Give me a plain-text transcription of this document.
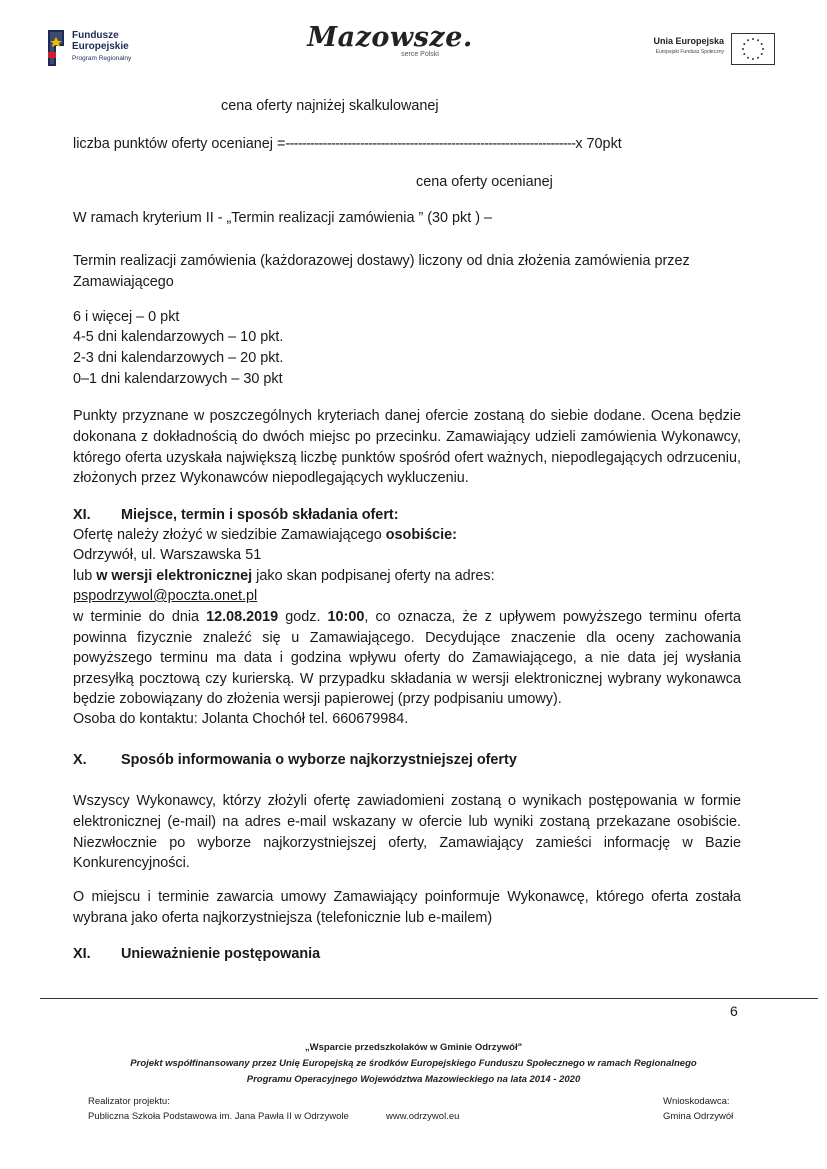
Fundusze
Europejskie
Program Regionalny
Mazowsze.
serce Polski
Unia Europejska
Europejski Fundusz Społeczny
cena oferty najniżej skalkulowanej
liczba punktów oferty ocenianej =----------------------------------------------------------------------x 70pkt
cena oferty ocenianej
W ramach kryterium II - „Termin realizacji zamówienia ” (30 pkt ) –
Termin realizacji zamówienia (każdorazowej dostawy) liczony od dnia złożenia zamówienia przez Zamawiającego
6 i więcej – 0 pkt
4-5 dni kalendarzowych – 10 pkt.
2-3 dni kalendarzowych – 20 pkt.
0–1 dni kalendarzowych – 30 pkt
Punkty przyznane w poszczególnych kryteriach danej ofercie zostaną do siebie dodane. Ocena będzie dokonana z dokładnością do dwóch miejsc po przecinku. Zamawiający udzieli zamówienia Wykonawcy, którego oferta uzyskała największą liczbę punktów spośród ofert ważnych, niepodlegających odrzuceniu, złożonych przez Wykonawców niepodlegających wykluczeniu.
XI. Miejsce, termin i sposób składania ofert:
Ofertę należy złożyć w siedzibie Zamawiającego osobiście:
Odrzywół, ul. Warszawska 51
lub w wersji elektronicznej jako skan podpisanej oferty na adres:
pspodrzywol@poczta.onet.pl
w terminie do dnia 12.08.2019 godz. 10:00, co oznacza, że z upływem powyższego terminu oferta powinna fizycznie znaleźć się u Zamawiającego. Decydujące znaczenie dla oceny zachowania powyższego terminu ma data i godzina wpływu oferty do Zamawiającego, a nie data jej wysłania przesyłką pocztową czy kurierską. W przypadku składania w wersji elektronicznej wybrany wykonawca będzie zobowiązany do złożenia wersji papierowej (przy podpisaniu umowy).
Osoba do kontaktu: Jolanta Chochół tel. 660679984.
X. Sposób informowania o wyborze najkorzystniejszej oferty
Wszyscy Wykonawcy, którzy złożyli ofertę zawiadomieni zostaną o wynikach postępowania w formie elektronicznej (e-mail) na adres e-mail wskazany w ofercie lub wyniki zostaną przekazane osobiście. Niezwłocznie po wyborze najkorzystniejszej oferty, Zamawiający zamieści informację w Bazie Konkurencyjności.
O miejscu i terminie zawarcia umowy Zamawiający poinformuje Wykonawcę, którego oferta została wybrana jako oferta najkorzystniejsza (telefonicznie lub e-mailem)
XI. Unieważnienie postępowania
6
„Wsparcie przedszkolaków w Gminie Odrzywół"
Projekt współfinansowany przez Unię Europejską ze środków Europejskiego Funduszu Społecznego w ramach Regionalnego
Programu Operacyjnego Województwa Mazowieckiego na lata 2014 - 2020
Realizator projektu:
Publiczna Szkoła Podstawowa im. Jana Pawła II w Odrzywole	www.odrzywol.eu
Wnioskodawca:
Gmina Odrzywół
